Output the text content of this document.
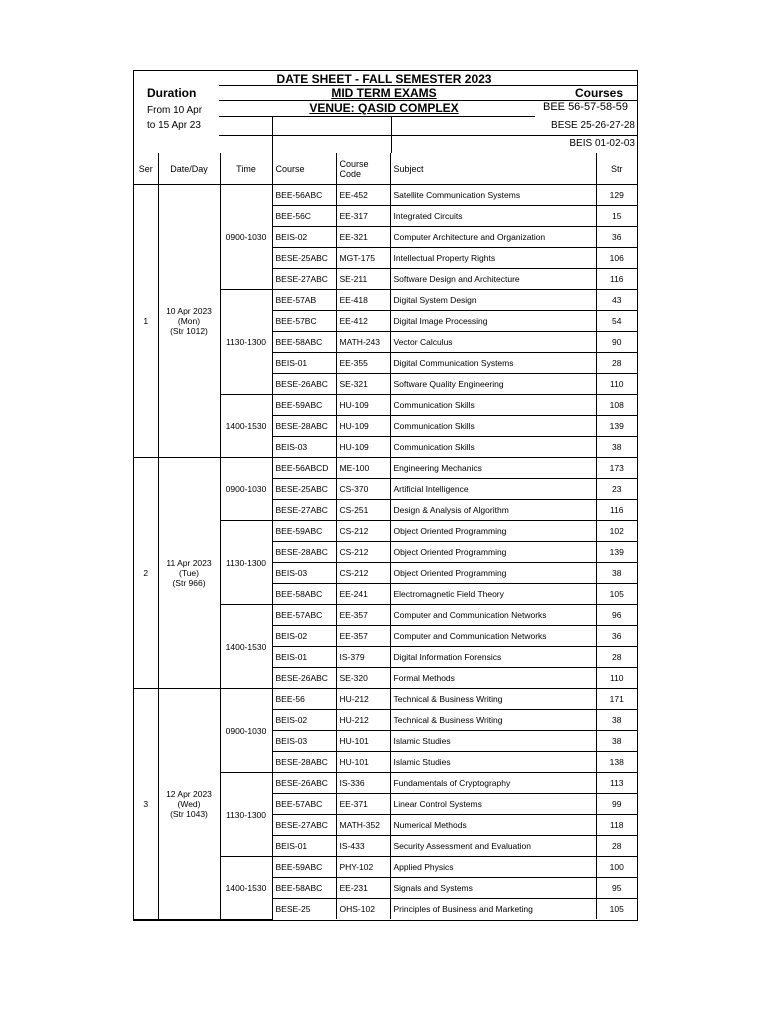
DATE SHEET - FALL SEMESTER 2023
MID TERM EXAMS
VENUE: QASID COMPLEX
Duration
From 10 Apr
to 15 Apr 23
Courses
BEE 56-57-58-59
BESE 25-26-27-28
BEIS 01-02-03
Ser	Date/Day	Time	Course	Course Code	Subject	Str
1	10 Apr 2023
(Mon)
(Str 1012)	0900-1030	BEE-56ABC	EE-452	Satellite Communication Systems	129
			BEE-56C	EE-317	Integrated Circuits	15
			BEIS-02	EE-321	Computer Architecture and Organization	36
			BESE-25ABC	MGT-175	Intellectual Property Rights	106
			BESE-27ABC	SE-211	Software Design and Architecture	116
		1130-1300	BEE-57AB	EE-418	Digital System Design	43
			BEE-57BC	EE-412	Digital Image Processing	54
			BEE-58ABC	MATH-243	Vector Calculus	90
			BEIS-01	EE-355	Digital Communication Systems	28
			BESE-26ABC	SE-321	Software Quality Engineering	110
		1400-1530	BEE-59ABC	HU-109	Communication Skills	108
			BESE-28ABC	HU-109	Communication Skills	139
			BEIS-03	HU-109	Communication Skills	38
2	11 Apr 2023
(Tue)
(Str 966)	0900-1030	BEE-56ABCD	ME-100	Engineering Mechanics	173
			BESE-25ABC	CS-370	Artificial Intelligence	23
			BESE-27ABC	CS-251	Design & Analysis of Algorithm	116
		1130-1300	BEE-59ABC	CS-212	Object Oriented Programming	102
			BESE-28ABC	CS-212	Object Oriented Programming	139
			BEIS-03	CS-212	Object Oriented Programming	38
			BEE-58ABC	EE-241	Electromagnetic Field Theory	105
		1400-1530	BEE-57ABC	EE-357	Computer and Communication Networks	96
			BEIS-02	EE-357	Computer and Communication Networks	36
			BEIS-01	IS-379	Digital Information Forensics	28
			BESE-26ABC	SE-320	Formal Methods	110
3	12 Apr 2023
(Wed)
(Str 1043)	0900-1030	BEE-56	HU-212	Technical & Business Writing	171
			BEIS-02	HU-212	Technical & Business Writing	38
			BEIS-03	HU-101	Islamic Studies	38
			BESE-28ABC	HU-101	Islamic Studies	138
		1130-1300	BESE-26ABC	IS-336	Fundamentals of Cryptography	113
			BEE-57ABC	EE-371	Linear Control Systems	99
			BESE-27ABC	MATH-352	Numerical Methods	118
			BEIS-01	IS-433	Security Assessment and Evaluation	28
		1400-1530	BEE-59ABC	PHY-102	Applied Physics	100
			BEE-58ABC	EE-231	Signals and Systems	95
			BESE-25	OHS-102	Principles of Business and Marketing	105
